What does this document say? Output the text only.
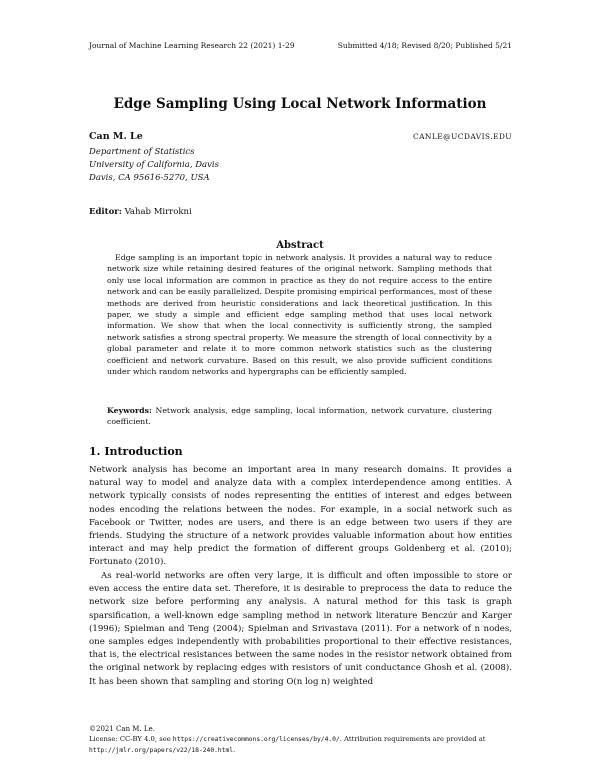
Journal of Machine Learning Research 22 (2021) 1-29	Submitted 4/18; Revised 8/20; Published 5/21
Edge Sampling Using Local Network Information
Can M. Le	CANLE@UCDAVIS.EDU
Department of Statistics
University of California, Davis
Davis, CA 95616-5270, USA
Editor: Vahab Mirrokni
Abstract

Edge sampling is an important topic in network analysis. It provides a natural way to reduce network size while retaining desired features of the original network. Sampling methods that only use local information are common in practice as they do not require access to the entire network and can be easily parallelized. Despite promising empirical performances, most of these methods are derived from heuristic considerations and lack theoretical justification. In this paper, we study a simple and efficient edge sampling method that uses local network information. We show that when the local connectivity is sufficiently strong, the sampled network satisfies a strong spectral property. We measure the strength of local connectivity by a global parameter and relate it to more common network statistics such as the clustering coefficient and network curvature. Based on this result, we also provide sufficient conditions under which random networks and hypergraphs can be efficiently sampled.

Keywords: Network analysis, edge sampling, local information, network curvature, clustering coefficient.
1. Introduction

Network analysis has become an important area in many research domains. It provides a natural way to model and analyze data with a complex interdependence among entities. A network typically consists of nodes representing the entities of interest and edges between nodes encoding the relations between the nodes. For example, in a social network such as Facebook or Twitter, nodes are users, and there is an edge between two users if they are friends. Studying the structure of a network provides valuable information about how entities interact and may help predict the formation of different groups Goldenberg et al. (2010); Fortunato (2010).

As real-world networks are often very large, it is difficult and often impossible to store or even access the entire data set. Therefore, it is desirable to preprocess the data to reduce the network size before performing any analysis. A natural method for this task is graph sparsification, a well-known edge sampling method in network literature Benczúr and Karger (1996); Spielman and Teng (2004); Spielman and Srivastava (2011). For a network of n nodes, one samples edges independently with probabilities proportional to their effective resistances, that is, the electrical resistances between the same nodes in the resistor network obtained from the original network by replacing edges with resistors of unit conductance Ghosh et al. (2008). It has been shown that sampling and storing O(n log n) weighted

©2021 Can M. Le.
License: CC-BY 4.0, see https://creativecommons.org/licenses/by/4.0/. Attribution requirements are provided at http://jmlr.org/papers/v22/18-240.html.
